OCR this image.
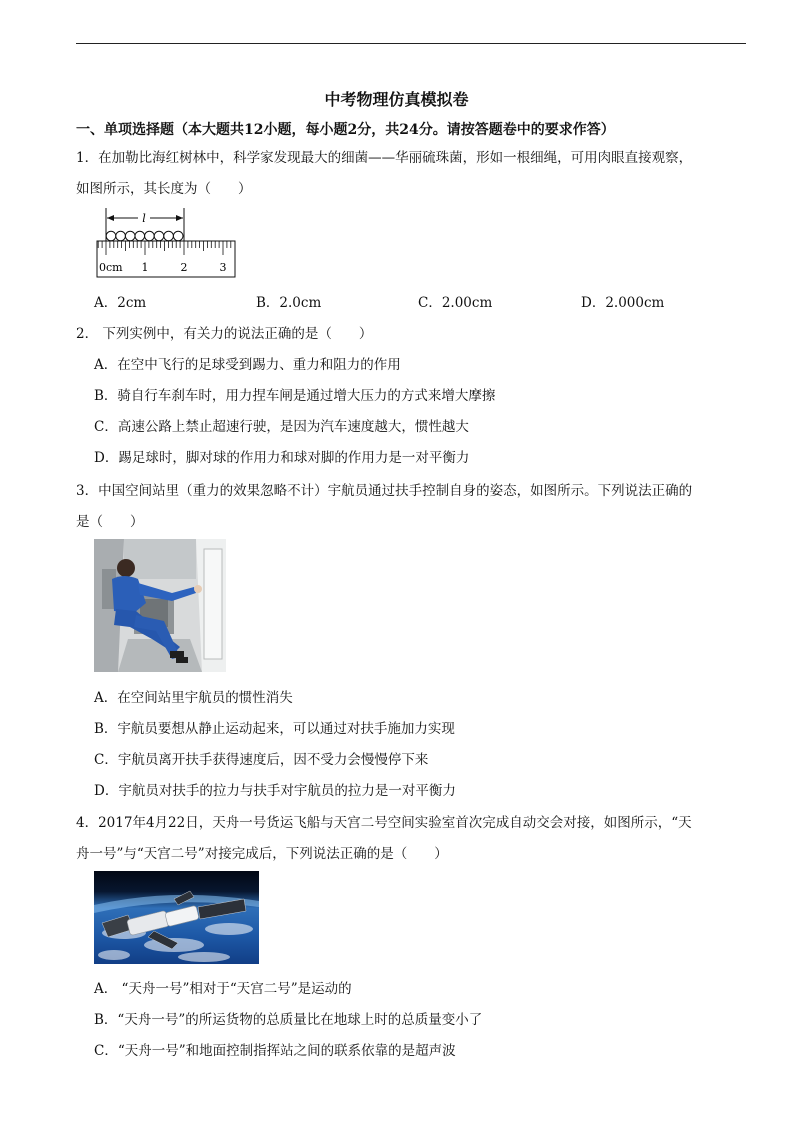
中考物理仿真模拟卷
一、单项选择题（本大题共12小题，每小题2分，共24分。请按答题卷中的要求作答）
1．在加勒比海红树林中，科学家发现最大的细菌——华丽硫珠菌，形如一根细绳，可用肉眼直接观察，
如图所示，其长度为（　　）
l
0cm 1	2	3
A．2cm	B．2.0cm	C．2.00cm	D．2.000cm
2． 下列实例中，有关力的说法正确的是（　　）
A．在空中飞行的足球受到踢力、重力和阻力的作用
B．骑自行车刹车时，用力捏车闸是通过增大压力的方式来增大摩擦
C．高速公路上禁止超速行驶，是因为汽车速度越大，惯性越大
D．踢足球时，脚对球的作用力和球对脚的作用力是一对平衡力
3．中国空间站里（重力的效果忽略不计）宇航员通过扶手控制自身的姿态，如图所示。下列说法正确的
是（　　）
A．在空间站里宇航员的惯性消失
B．宇航员要想从静止运动起来，可以通过对扶手施加力实现
C．宇航员离开扶手获得速度后，因不受力会慢慢停下来
D．宇航员对扶手的拉力与扶手对宇航员的拉力是一对平衡力
4．2017年4月22日，天舟一号货运飞船与天宫二号空间实验室首次完成自动交会对接，如图所示，“天
舟一号”与“天宫二号”对接完成后，下列说法正确的是（　　）
A． “天舟一号”相对于“天宫二号”是运动的
B．“天舟一号”的所运货物的总质量比在地球上时的总质量变小了
C．“天舟一号”和地面控制指挥站之间的联系依靠的是超声波
